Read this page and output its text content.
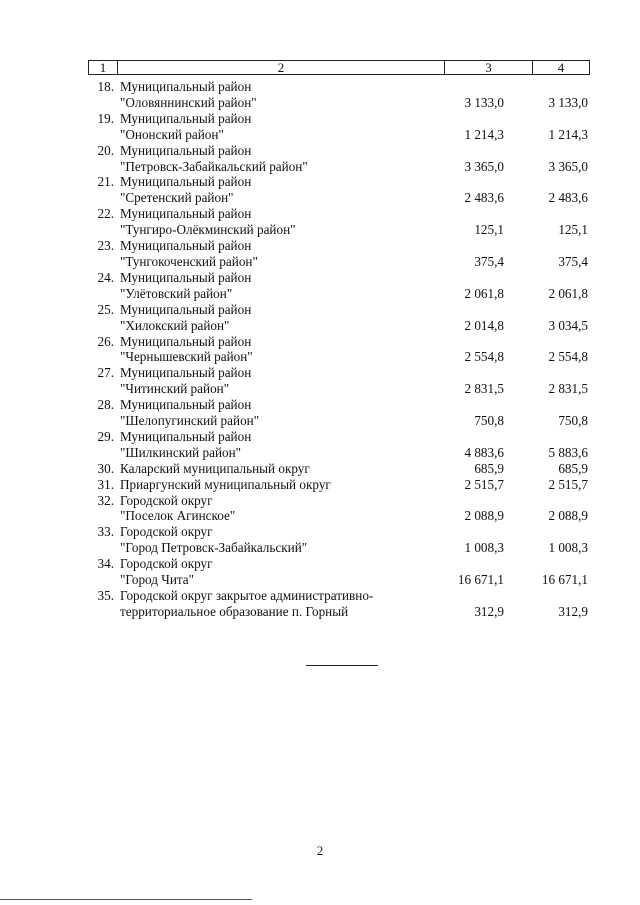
1	2	3	4
18. Муниципальный район
"Оловяннинский район"	3 133,0	3 133,0
19. Муниципальный район
"Ононский район"	1 214,3	1 214,3
20. Муниципальный район
"Петровск-Забайкальский район"	3 365,0	3 365,0
21. Муниципальный район
"Сретенский район"	2 483,6	2 483,6
22. Муниципальный район
"Тунгиро-Олёкминский район"	125,1	125,1
23. Муниципальный район
"Тунгокоченский район"	375,4	375,4
24. Муниципальный район
"Улётовский район"	2 061,8	2 061,8
25. Муниципальный район
"Хилокский район"	2 014,8	3 034,5
26. Муниципальный район
"Чернышевский район"	2 554,8	2 554,8
27. Муниципальный район
"Читинский район"	2 831,5	2 831,5
28. Муниципальный район
"Шелопугинский район"	750,8	750,8
29. Муниципальный район
"Шилкинский район"	4 883,6	5 883,6
30. Каларский муниципальный округ	685,9	685,9
31. Приаргунский муниципальный округ	2 515,7	2 515,7
32. Городской округ
"Поселок Агинское"	2 088,9	2 088,9
33. Городской округ
"Город Петровск-Забайкальский"	1 008,3	1 008,3
34. Городской округ
"Город Чита"	16 671,1	16 671,1
35. Городской округ закрытое административно-
территориальное образование п. Горный	312,9	312,9
2
